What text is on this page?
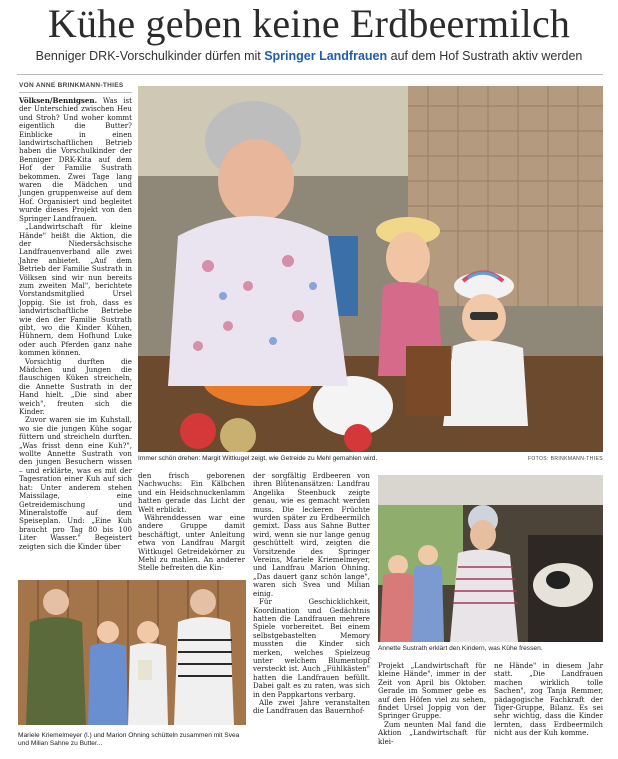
Kühe geben keine Erdbeermilch
Benniger DRK-Vorschulkinder dürfen mit Springer Landfrauen auf dem Hof Sustrath aktiv werden
VON ANNE BRINKMANN-THIES

Völksen/Bennigsen. Was ist der Unterschied zwischen Heu und Stroh? Und woher kommt eigentlich die Butter? Einblicke in einen landwirtschaftlichen Betrieb haben die Vorschulkinder der Benniger DRK-Kita auf dem Hof der Familie Sustrath bekommen. Zwei Tage lang waren die Mädchen und Jungen gruppenweise auf dem Hof. Organisiert und begleitet wurde dieses Projekt von den Springer Landfrauen.

„Landwirtschaft für kleine Hände" heißt die Aktion, die der Niedersächsische Landfrauenverband alle zwei Jahre anbietet. „Auf dem Betrieb der Familie Sustrath in Völksen sind wir nun bereits zum zweiten Mal", berichtete Vorstandsmitglied Ursel Joppig. Sie ist froh, dass es landwirtschaftliche Betriebe wie den der Familie Sustrath gibt, wo die Kinder Kühen, Hühnern, dem Hofhund Luke oder auch Pferden ganz nahe kommen können.

Vorsichtig durften die Mädchen und Jungen die flauschigen Küken streicheln, die Annette Sustrath in der Hand hielt. „Die sind aber weich", freuten sich die Kinder.

Zuvor waren sie im Kuhstall, wo sie die jungen Kühe sogar füttern und streicheln durften. „Was frisst denn eine Kuh?", wollte Annette Sustrath von den jungen Besuchern wissen – und erklärte, was es mit der Tagesration einer Kuh auf sich hat: Unter anderem stehen Maissilage, eine Getreidemischung und Mineralstoffe auf dem Speiseplan. Und: „Eine Kuh braucht pro Tag 80 bis 100 Liter Wasser." Begeistert zeigten sich die Kinder über

Immer schön drehen: Margit Wittkugel zeigt, wie Getreide zu Mehl gemahlen wird.	FOTOS: BRINKMANN-THIES

den frisch geborenen Nachwuchs: Ein Kälbchen und ein Heidschnuckenlamm hatten gerade das Licht der Welt erblickt.

Währenddessen war eine andere Gruppe damit beschäftigt, unter Anleitung etwa von Landfrau Margit Wittkugel Getreidekörner zu Mehl zu mahlen. An anderer Stelle befreiten die Kin-

der sorgfältig Erdbeeren von ihren Blütenansätzen: Landfrau Angelika Steenbuck zeigte genau, wie es gemacht werden muss. Die leckeren Früchte wurden später zu Erdbeermilch gemixt. Dass aus Sahne Butter wird, wenn sie nur lange genug geschüttelt wird, zeigten die Vorsitzende des Springer Vereins, Mariele Kriemelmeyer, und Landfrau Marion Ohning. „Das dauert ganz schön lange", waren sich Svea und Milian einig.

Für Geschicklichkeit, Koordination und Gedächtnis hatten die Landfrauen mehrere Spiele vorbereitet. Bei einem selbstgebastelten Memory mussten die Kinder sich merken, welches Spielzeug unter welchem Blumentopf versteckt ist. Auch „Fühlkästen" hatten die Landfrauen befüllt. Dabei galt es zu raten, was sich in den Pappkartons verbarg.

Alle zwei Jahre veranstalten die Landfrauen das Bauernhof-

Mariele Kriemelmeyer (l.) und Marion Ohning schütteln zusammen mit Svea und Milian Sahne zu Butter...
Annette Sustrath erklärt den Kindern, was Kühe fressen.

Projekt „Landwirtschaft für kleine Hände", immer in der Zeit von April bis Oktober. Gerade im Sommer gebe es auf den Höfen viel zu sehen, findet Ursel Joppig von der Springer Gruppe.

Zum neunten Mal fand die Aktion „Landwirtschaft für klei-

ne Hände" in diesem Jahr statt. „Die Landfrauen machen wirklich tolle Sachen", zog Tanja Remmer, pädagogische Fachkraft der Tiger-Gruppe, Bilanz. Es sei sehr wichtig, dass die Kinder lernten, dass Erdbeermilch nicht aus der Kuh komme.
